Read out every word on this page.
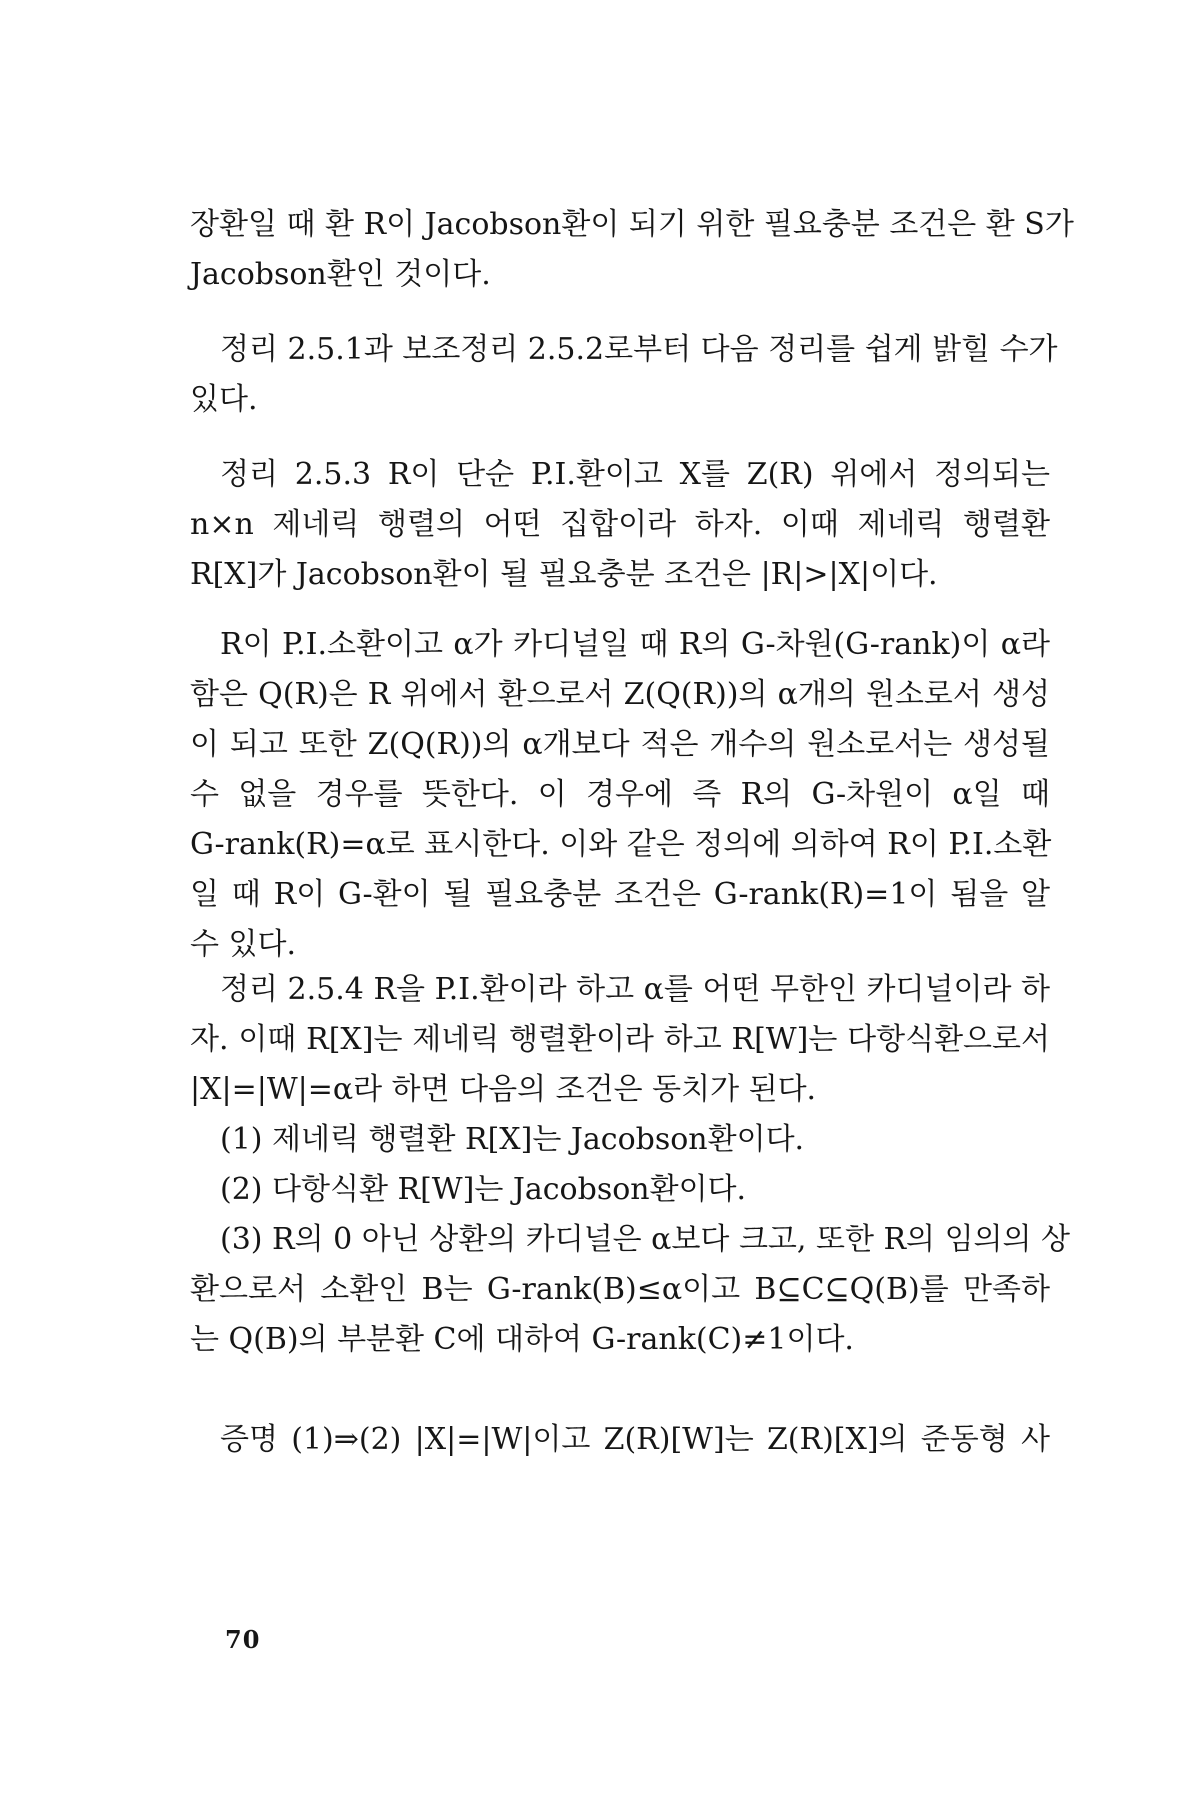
장환일 때 환 R이 Jacobson환이 되기 위한 필요충분 조건은 환 S가
Jacobson환인 것이다.
정리 2.5.1과 보조정리 2.5.2로부터 다음 정리를 쉽게 밝힐 수가
있다.
정리 2.5.3 R이 단순 P.I.환이고 X를 Z(R) 위에서 정의되는
n×n 제네릭 행렬의 어떤 집합이라 하자. 이때 제네릭 행렬환
R[X]가 Jacobson환이 될 필요충분 조건은 |R|>|X|이다.
R이 P.I.소환이고 α가 카디널일 때 R의 G-차원(G-rank)이 α라
함은 Q(R)은 R 위에서 환으로서 Z(Q(R))의 α개의 원소로서 생성
이 되고 또한 Z(Q(R))의 α개보다 적은 개수의 원소로서는 생성될
수 없을 경우를 뜻한다. 이 경우에 즉 R의 G-차원이 α일 때
G-rank(R)=α로 표시한다. 이와 같은 정의에 의하여 R이 P.I.소환
일 때 R이 G-환이 될 필요충분 조건은 G-rank(R)=1이 됨을 알
수 있다.
정리 2.5.4 R을 P.I.환이라 하고 α를 어떤 무한인 카디널이라 하
자. 이때 R[X]는 제네릭 행렬환이라 하고 R[W]는 다항식환으로서
|X|=|W|=α라 하면 다음의 조건은 동치가 된다.
(1) 제네릭 행렬환 R[X]는 Jacobson환이다.
(2) 다항식환 R[W]는 Jacobson환이다.
(3) R의 0 아닌 상환의 카디널은 α보다 크고, 또한 R의 임의의 상
환으로서 소환인 B는 G-rank(B)≤α이고 B⊆C⊆Q(B)를 만족하
는 Q(B)의 부분환 C에 대하여 G-rank(C)≠1이다.
증명 (1)⇒(2) |X|=|W|이고 Z(R)[W]는 Z(R)[X]의 준동형 사
70
